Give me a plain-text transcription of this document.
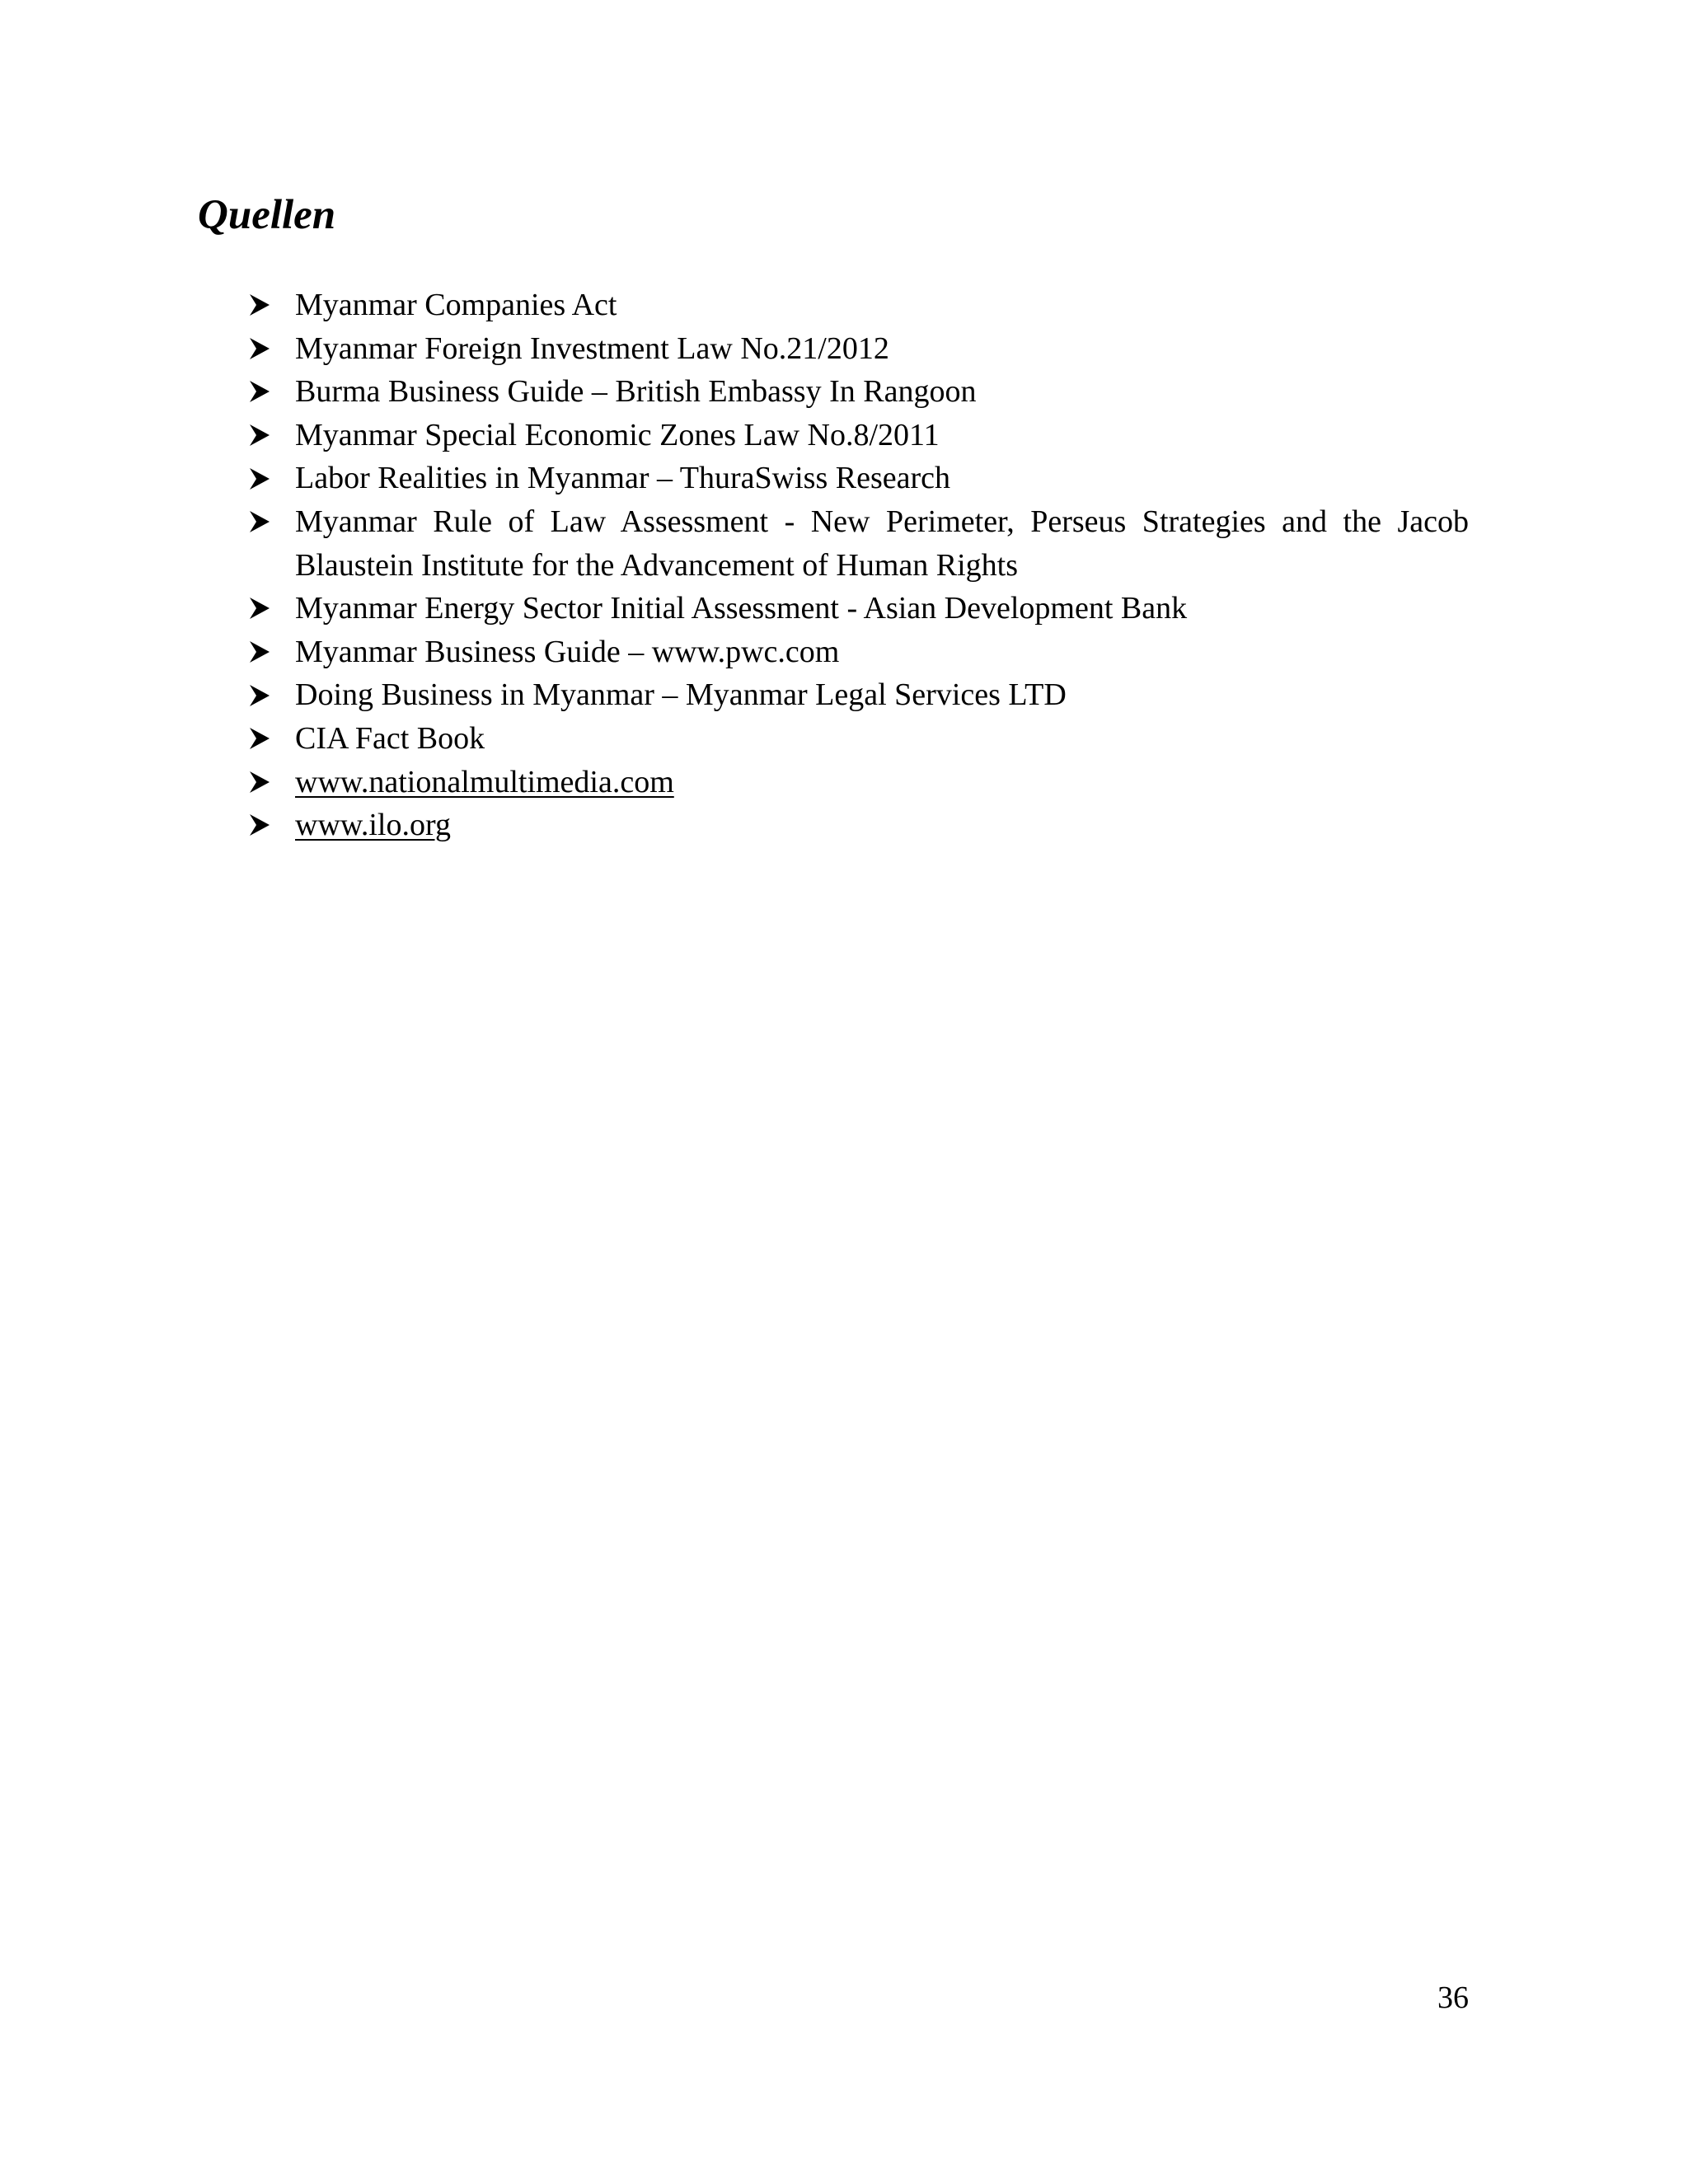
Quellen
Myanmar Companies Act
Myanmar Foreign Investment Law No.21/2012
Burma Business Guide – British Embassy In Rangoon
Myanmar Special Economic Zones Law No.8/2011
Labor Realities in Myanmar – ThuraSwiss Research
Myanmar Rule of Law Assessment - New Perimeter, Perseus Strategies and the Jacob Blaustein Institute for the Advancement of Human Rights
Myanmar Energy Sector Initial Assessment - Asian Development Bank
Myanmar Business Guide – www.pwc.com
Doing Business in Myanmar – Myanmar Legal Services LTD
CIA Fact Book
www.nationalmultimedia.com
www.ilo.org
36
